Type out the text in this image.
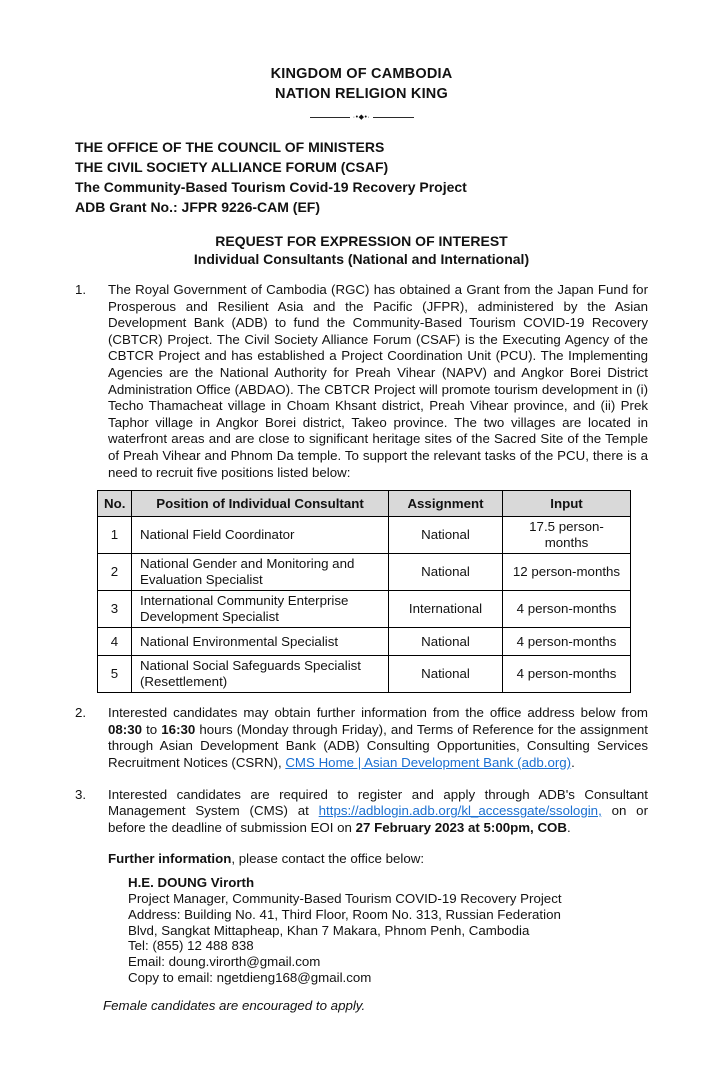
KINGDOM OF CAMBODIA
NATION RELIGION KING
·•◆•·
THE OFFICE OF THE COUNCIL OF MINISTERS
THE CIVIL SOCIETY ALLIANCE FORUM (CSAF)
The Community-Based Tourism Covid-19 Recovery Project
ADB Grant No.: JFPR 9226-CAM (EF)
REQUEST FOR EXPRESSION OF INTEREST
Individual Consultants (National and International)
1.	The Royal Government of Cambodia (RGC) has obtained a Grant from the Japan Fund for Prosperous and Resilient Asia and the Pacific (JFPR), administered by the Asian Development Bank (ADB) to fund the Community-Based Tourism COVID-19 Recovery (CBTCR) Project. The Civil Society Alliance Forum (CSAF) is the Executing Agency of the CBTCR Project and has established a Project Coordination Unit (PCU). The Implementing Agencies are the National Authority for Preah Vihear (NAPV) and Angkor Borei District Administration Office (ABDAO). The CBTCR Project will promote tourism development in (i) Techo Thamacheat village in Choam Khsant district, Preah Vihear province, and (ii) Prek Taphor village in Angkor Borei district, Takeo province. The two villages are located in waterfront areas and are close to significant heritage sites of the Sacred Site of the Temple of Preah Vihear and Phnom Da temple. To support the relevant tasks of the PCU, there is a need to recruit five positions listed below:
No.	Position of Individual Consultant	Assignment	Input
1	National Field Coordinator	National	17.5 person-months
2	National Gender and Monitoring and Evaluation Specialist	National	12 person-months
3	International Community Enterprise Development Specialist	International	4 person-months
4	National Environmental Specialist	National	4 person-months
5	National Social Safeguards Specialist (Resettlement)	National	4 person-months
2.	Interested candidates may obtain further information from the office address below from 08:30 to 16:30 hours (Monday through Friday), and Terms of Reference for the assignment through Asian Development Bank (ADB) Consulting Opportunities, Consulting Services Recruitment Notices (CSRN), CMS Home | Asian Development Bank (adb.org).
3.	Interested candidates are required to register and apply through ADB's Consultant Management System (CMS) at https://adblogin.adb.org/kl_accessgate/ssologin, on or before the deadline of submission EOI on 27 February 2023 at 5:00pm, COB.
Further information, please contact the office below:
H.E. DOUNG Virorth
Project Manager, Community-Based Tourism COVID-19 Recovery Project
Address: Building No. 41, Third Floor, Room No. 313, Russian Federation
Blvd, Sangkat Mittapheap, Khan 7 Makara, Phnom Penh, Cambodia
Tel: (855) 12 488 838
Email: doung.virorth@gmail.com
Copy to email: ngetdieng168@gmail.com
Female candidates are encouraged to apply.
